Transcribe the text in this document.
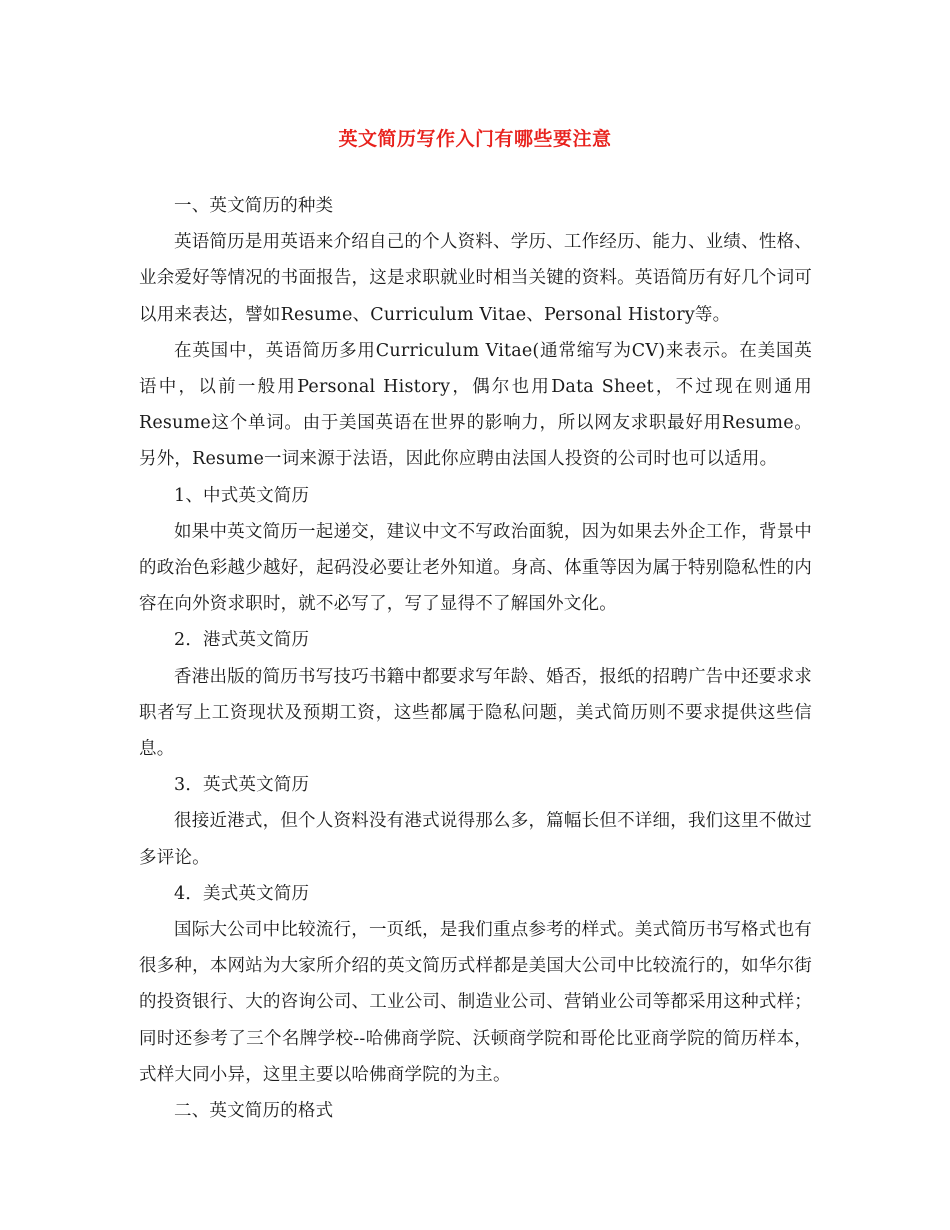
英文简历写作入门有哪些要注意

一、英文简历的种类

英语简历是用英语来介绍自己的个人资料、学历、工作经历、能力、业绩、性格、业余爱好等情况的书面报告，这是求职就业时相当关键的资料。英语简历有好几个词可以用来表达，譬如Resume、Curriculum Vitae、Personal History等。

在英国中，英语简历多用Curriculum Vitae(通常缩写为CV)来表示。在美国英语中，以前一般用Personal History，偶尔也用Data Sheet，不过现在则通用Resume这个单词。由于美国英语在世界的影响力，所以网友求职最好用Resume。另外，Resume一词来源于法语，因此你应聘由法国人投资的公司时也可以适用。

1、中式英文简历

如果中英文简历一起递交，建议中文不写政治面貌，因为如果去外企工作，背景中的政治色彩越少越好，起码没必要让老外知道。身高、体重等因为属于特别隐私性的内容在向外资求职时，就不必写了，写了显得不了解国外文化。

2．港式英文简历

香港出版的简历书写技巧书籍中都要求写年龄、婚否，报纸的招聘广告中还要求求职者写上工资现状及预期工资，这些都属于隐私问题，美式简历则不要求提供这些信息。

3．英式英文简历

很接近港式，但个人资料没有港式说得那么多，篇幅长但不详细，我们这里不做过多评论。

4．美式英文简历

国际大公司中比较流行，一页纸，是我们重点参考的样式。美式简历书写格式也有很多种，本网站为大家所介绍的英文简历式样都是美国大公司中比较流行的，如华尔街的投资银行、大的咨询公司、工业公司、制造业公司、营销业公司等都采用这种式样；同时还参考了三个名牌学校--哈佛商学院、沃顿商学院和哥伦比亚商学院的简历样本，式样大同小异，这里主要以哈佛商学院的为主。

二、英文简历的格式
